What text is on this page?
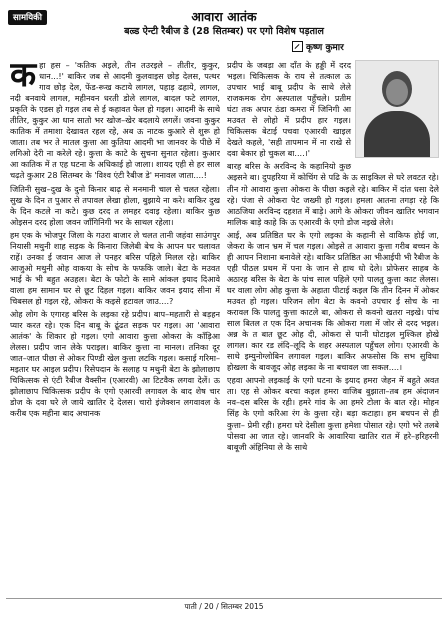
सामयिकी	आवारा आतंक
बल्र्ड ऐन्टी रैबीज डे (28 सितम्बर) पर एगो विशेष पड़ताल
कृष्ण कुमार
क हा हस – 'कतिक अइले, तीन तउरइले – तीतीर, कुकुर, धान...!' बाकिर जब से आदमी कुलवाइस छोड़ देलस, पत्थर गाव छोड़ देल, फेंड-रूख कटाये लागल, पहाड़ ढहाये, लागल, नदी बनवाये लागल, महीनवन धरती डोले लागल, बादल फटे लागल, प्रकृति के एडस हो गइल तब से ई कहावत फेल हो गइल। आदमी के साथे तीतिर, कुकुर आ धान सातो भर खोज–खेर बदलाये लगलें। जवना कुकुर कातिक में तमाशा देखावत रहल रहे, अब ऊ नाटक कुआरे से शुरू हो जाता। तब भर ते मातल कुत्ता आ कुतिया आदमी भा जानवर के पीछे में लगिओ देरी ना करेले रहे। कुत्ता के काटे के सुचना सुनात रहेला। कुआर आ कातिक में त एह घटना के अधिकाई हो जाला। शायद एही से हर साल चढ़ते कुआर 28 सितम्बर के 'विश्व एंटी रैबीज डे' मनावल जाता....!

जितिनी सुख–दुख के दुनो किनार बाढ़ से मनमानी चाल से चलत रहेला। सुख के दिन त पुआर से तपावल लेखा होला, बुझाये ना करे। बाकिर दुख के दिन कटले ना कटे। कुछ दरद त लमहर दवाइ रहेला। बाकिर कुछ ओइसन दरद होला जवन जाँगिनिगी भर के साथल रहेला।

हम एक के भोजपुर जिला के गउरा बाजार ले चलत तानी जहंवा साउंगपुर नियासी मथुनी शाह सड़क के किनारा जिलेबी बेच के आपन घर चलावत राहें। उनका ई जवान आज ले पनहर बरिस पहिले मिलल रहे। बाकिर आजुओ मथुनी ओह वाकया के सोच के फफकि जाले। बेटा के मउवत भाई के भी बहुत अउहल। बेटा के फोटो के सामे आंकल इयाद दिआवे वाला हम सामान घर से छूट दिहल गइल। बाकिर जवन इयाद सीना में चिबसल हो गइल रहे, ओकरा के कइसे हटावल जाउ....?

ओह लोग के एगारह बरिस के लइका रहे प्रदीप। बाप–महतारी से बड़हन प्यार करत रहे। एक दिन बाबू के ढूंढत सड़क पर गइल। आ 'आवारा आतंक' के शिकार हो गइल। एगो आवारा कुत्ता ओकरा के काँड़िआ लेलस। प्रदीप जान लेके पराइल। बाकिर कुत्ता ना मानल। तनिका दूर जात–जात पीछा से ओकर पिण्डी खेल कुत्ता लटकि गइल। कसाई गरिमा–मइतार घर आइल प्रदीप। रिसेपदान के सलाह प मथुनी बेटा के झोलाछाप चिकित्सक से एंटी रैबीज वैक्सीन (एआरवी) आ टिटवैक लगवा देलें। ऊ झोलाछाप चिकित्सक प्रदीप के एगो एआरवी लगावल के बाद शेष चार डोज के दवा घरे ले जाये खातिर दे देलस। चारो इंजेक्शन लगवावल के करीब एक महीना बाद अचानक

प्रदीप के जबड़ा आ दाँत के हड्डी में दरद भइल। चिकित्सक के राय से तत्काल ऊ उपचार भाई बाबू प्रदीप के साथे लेले राजकमक रोग अस्पताल पहुँचले। प्रतीम घंटा तक अपार ठंडा कमरा में जिनिगी आ मउवत से लोहो में प्रदीप हार गइल। चिकित्सक बेटाई पचवा एआरवी खाइल देखते कहले, 'सही तापमान में ना राखे से दवा बेकार हो चुकल बा....।'

बारह बरिस के अरविन्द के कहानियो कुछ अइसने बा। दुपहरिया में कोचिंग से पढि के ऊ साइकिल से घरे लवटत रहे। तीन गो आवारा कुत्ता ओकरा के पीछा कइले रहे। बाकिर में दांत धसा देले रहे। पंजा से ओकरा पेट जख्मी हो गइल। हमला आतना तगड़ा रहे कि आठजिया अरविन्द दहशत में बाड़े। आगे के ओकरा जीवन खातिर भगवान मालिक बाड़े काहे कि ऊ एआरवी के एगो डोज नइखे लेले।

आई, अब प्रतिष्ठित घर के एगो लइका के कहानी से वाकिफ होई जा, जेकरा के जान भ्रम में चल गइल। ओइसे त आवारा कुत्ता गरीब बच्चन के ही आपन निशाना बनावेले रहे। बाकिर प्रतिष्ठित आ भीआईपी भी रैबीज के एही पीठल प्रथम में पना के जान से हाथ धो देले। प्रोफेसर साहब के अठारह बरिस के बेटा के पांच साल पहिले एगो पालतु कुत्ता काट लेलस। घर वाला लोग ओह कुत्ता के अहाता पीटाई कइल कि तीन दिनन में ओकर मउवत हो गइल। परिजन लोग बेटा के कवनो उपचार ई सोच के ना करावल कि पालतु कुत्ता काटले बा, ओकरा से कवनो खतरा नइखे। पांच साल बितल त एक दिन अचानक कि ओकरा गला में जोर से दरद भइल। अन्न के त बात छूट ओह दी, ओकरा से पानी घोटाइल मुश्किल होखे लागल। कार रड लंदि–लूदि के शहर अस्पताल पहुँचल लोग। एआरवी के साथे इम्युनोग्लोबिन लगावल गइल। बाकिर अफसोस कि सभ सुविधा होखला के बावजूद ओह लइका के ना बचावल जा सकल....।

एहवा आपनो लइकाई के एगो घटना के इयाद हमरा जेहन में बहुते अवत ता। एह से ओकर बरचा कइल हमरा वाजिब बुझाता–तब हम अंदाजन नव–दस बरिस के रही। हमरे गांव के आ हमरे टोला के बात रहे। मोहन सिंह के एगो करिआ रंग के कुत्ता रहे। बड़ा कटाहा। हम बचपन से ही कुत्ता– प्रेमी रही। हमरा घरे देसीला कुत्ता हमेशा पोसात रहे। एगो भरे तलबे पोसवा आ जात रहे। जानवरि के आवारिया खातिर रात में हरे–हरिहरनी बाबूजी अंहिनिया ले के साथे

पाती / 20 / सितम्बर 2015
